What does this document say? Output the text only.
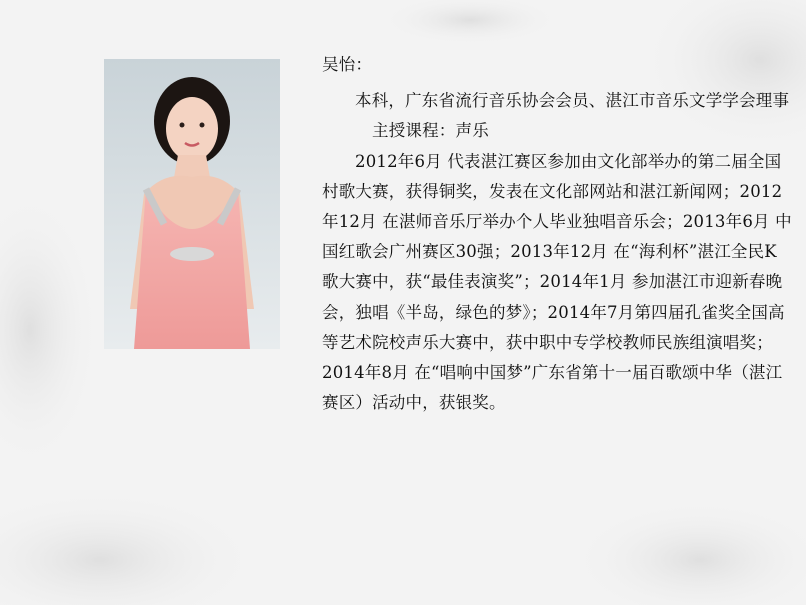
吴怡：

本科，广东省流行音乐协会会员、湛江市音乐文学学会理事

主授课程：声乐

2012年6月 代表湛江赛区参加由文化部举办的第二届全国村歌大赛，获得铜奖，发表在文化部网站和湛江新闻网；2012年12月 在湛师音乐厅举办个人毕业独唱音乐会；2013年6月 中国红歌会广州赛区30强；2013年12月 在“海利杯”湛江全民K歌大赛中，获“最佳表演奖”；2014年1月 参加湛江市迎新春晚会，独唱《半岛，绿色的梦》；2014年7月第四届孔雀奖全国高等艺术院校声乐大赛中，获中职中专学校教师民族组演唱奖；2014年8月 在“唱响中国梦”广东省第十一届百歌颂中华（湛江赛区）活动中，获银奖。
